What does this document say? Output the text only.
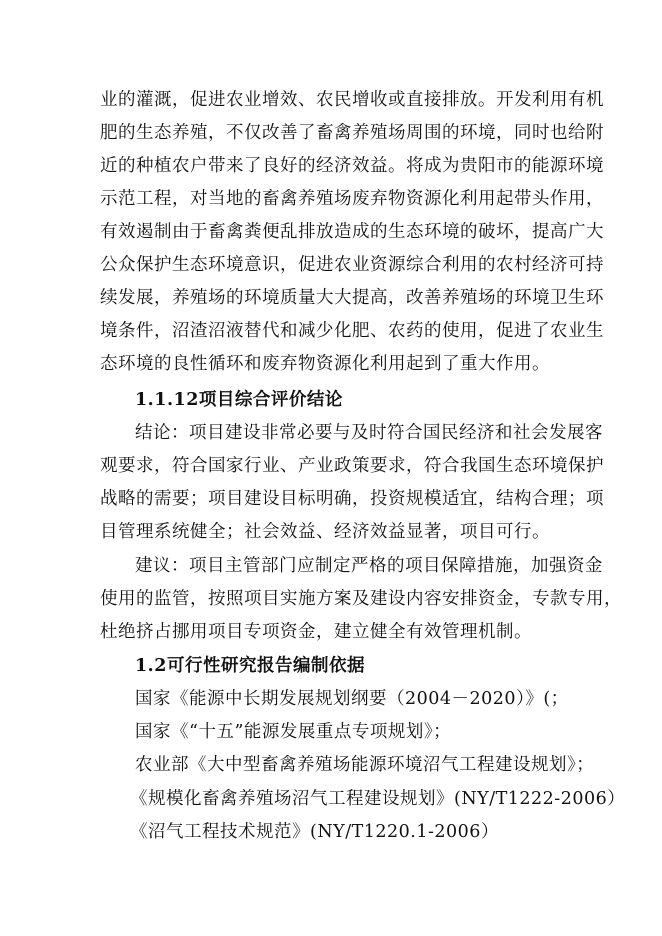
业的灌溉，促进农业增效、农民增收或直接排放。开发利用有机
肥的生态养殖，不仅改善了畜禽养殖场周围的环境，同时也给附
近的种植农户带来了良好的经济效益。将成为贵阳市的能源环境
示范工程，对当地的畜禽养殖场废弃物资源化利用起带头作用，
有效遏制由于畜禽粪便乱排放造成的生态环境的破坏，提高广大
公众保护生态环境意识，促进农业资源综合利用的农村经济可持
续发展，养殖场的环境质量大大提高，改善养殖场的环境卫生环
境条件，沼渣沼液替代和减少化肥、农药的使用，促进了农业生
态环境的良性循环和废弃物资源化利用起到了重大作用。
1.1.12项目综合评价结论
结论：项目建设非常必要与及时符合国民经济和社会发展客
观要求，符合国家行业、产业政策要求，符合我国生态环境保护
战略的需要；项目建设目标明确，投资规模适宜，结构合理；项
目管理系统健全；社会效益、经济效益显著，项目可行。
建议：项目主管部门应制定严格的项目保障措施，加强资金
使用的监管，按照项目实施方案及建设内容安排资金，专款专用，
杜绝挤占挪用项目专项资金，建立健全有效管理机制。
1.2可行性研究报告编制依据
国家《能源中长期发展规划纲要（2004－2020）》(；
国家《“十五”能源发展重点专项规划》；
农业部《大中型畜禽养殖场能源环境沼气工程建设规划》；
《规模化畜禽养殖场沼气工程建设规划》(NY/T1222-2006）
《沼气工程技术规范》(NY/T1220.1-2006）
